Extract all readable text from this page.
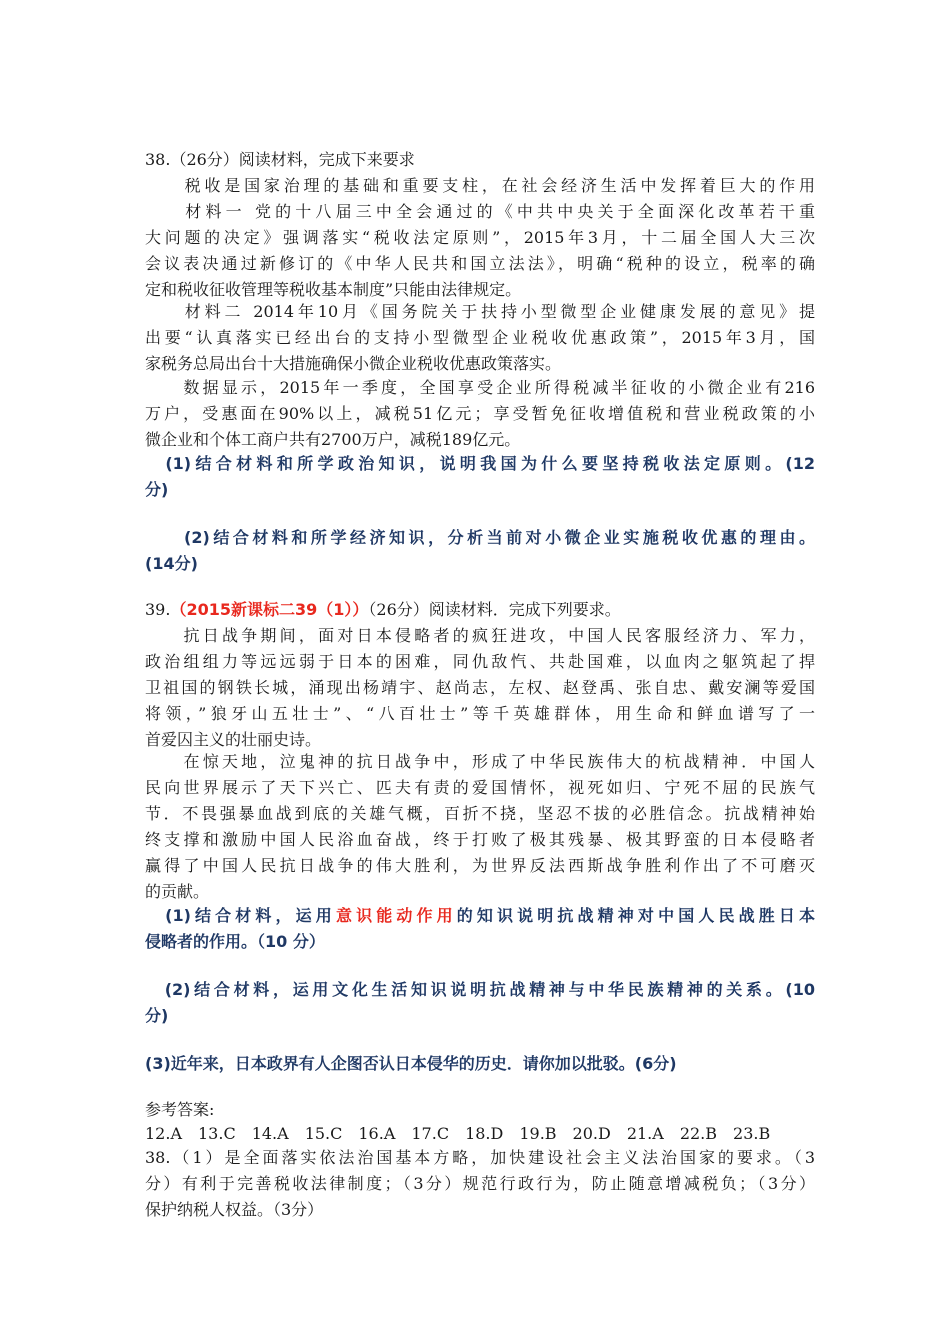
38.（26分）阅读材料，完成下来要求
　　税收是国家治理的基础和重要支柱，在社会经济生活中发挥着巨大的作用
　　材料一 党的十八届三中全会通过的《中共中央关于全面深化改革若干重
大问题的决定》强调落实“税收法定原则”，2015年3月，十二届全国人大三次
会议表决通过新修订的《中华人民共和国立法法》，明确“税种的设立，税率的确
定和税收征收管理等税收基本制度”只能由法律规定。
　　材料二 2014年10月《国务院关于扶持小型微型企业健康发展的意见》提
出要“认真落实已经出台的支持小型微型企业税收优惠政策”，2015年3月，国
家税务总局出台十大措施确保小微企业税收优惠政策落实。
　　数据显示，2015年一季度，全国享受企业所得税减半征收的小微企业有216
万户，受惠面在90%以上，减税51亿元；享受暂免征收增值税和营业税政策的小
微企业和个体工商户共有2700万户，减税189亿元。
　(1)结合材料和所学政治知识，说明我国为什么要坚持税收法定原则。(12
分)
　　(2)结合材料和所学经济知识，分析当前对小微企业实施税收优惠的理由。
(14分)
39.（2015新课标二39（1））（26分）阅读材料．完成下列要求。
　　抗日战争期间，面对日本侵略者的疯狂进攻，中国人民客服经济力、军力，
政治组组力等远远弱于日本的困难，同仇敌忾、共赴国难，以血肉之躯筑起了捍
卫祖国的钢铁长城，涌现出杨靖宇、赵尚志，左权、赵登禹、张自忠、戴安澜等爱国
将领，”狼牙山五壮士”、“八百壮士”等千英雄群体，用生命和鲜血谱写了一
首爱囚主义的壮丽史诗。
　　在惊天地，泣鬼神的抗日战争中，形成了中华民族伟大的杭战精神．中国人
民向世界展示了天下兴亡、匹夫有责的爱国情怀，视死如归、宁死不屈的民族气
节．不畏强暴血战到底的关雄气概，百折不挠，坚忍不拔的必胜信念。抗战精神始
终支撑和激励中国人民浴血奋战，终于打败了极其残暴、极其野蛮的日本侵略者
赢得了中国人民抗日战争的伟大胜利，为世界反法西斯战争胜利作出了不可磨灭
的贡献。
　(1)结合材料，运用意识能动作用的知识说明抗战精神对中国人民战胜日本
侵略者的作用。（10 分）
　(2)结合材料，运用文化生活知识说明抗战精神与中华民族精神的关系。(10
分)
(3)近年来，日本政界有人企图否认日本侵华的历史．请你加以批驳。(6分)
参考答案:
12.A　13.C　14.A　15.C　16.A　17.C　18.D　19.B　20.D　21.A　22.B　23.B
38.（1）是全面落实依法治国基本方略，加快建设社会主义法治国家的要求。（3
分）有利于完善税收法律制度；（3分）规范行政行为，防止随意增减税负；（3分）
保护纳税人权益。（3分）
